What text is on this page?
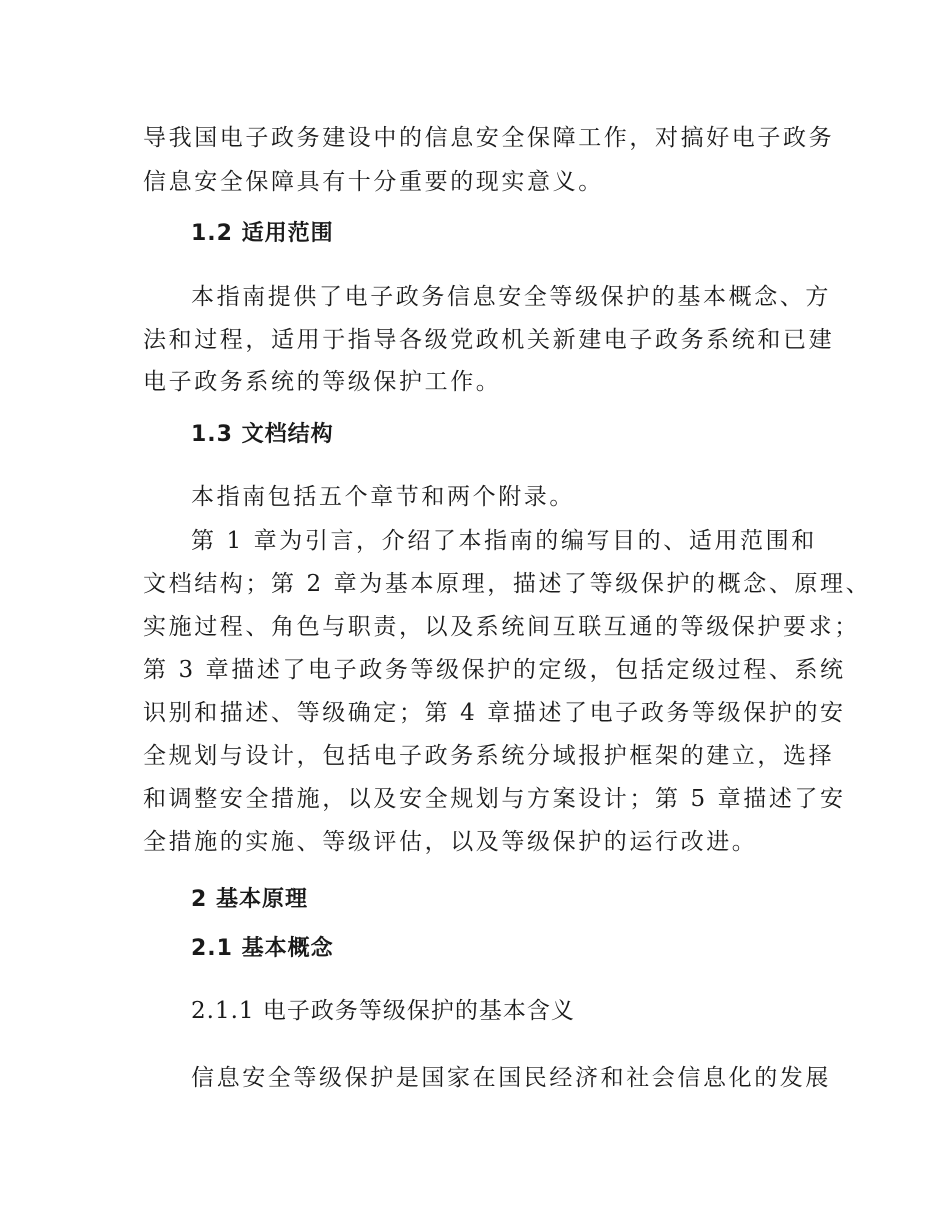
导我国电子政务建设中的信息安全保障工作，对搞好电子政务

信息安全保障具有十分重要的现实意义。

1.2 适用范围

本指南提供了电子政务信息安全等级保护的基本概念、方

法和过程，适用于指导各级党政机关新建电子政务系统和已建

电子政务系统的等级保护工作。

1.3 文档结构

本指南包括五个章节和两个附录。

第 1 章为引言，介绍了本指南的编写目的、适用范围和

文档结构；第 2 章为基本原理，描述了等级保护的概念、原理、

实施过程、角色与职责，以及系统间互联互通的等级保护要求；

第 3 章描述了电子政务等级保护的定级，包括定级过程、系统

识别和描述、等级确定；第 4 章描述了电子政务等级保护的安

全规划与设计，包括电子政务系统分域报护框架的建立，选择

和调整安全措施，以及安全规划与方案设计；第 5 章描述了安

全措施的实施、等级评估，以及等级保护的运行改进。

2 基本原理

2.1 基本概念

2.1.1 电子政务等级保护的基本含义

信息安全等级保护是国家在国民经济和社会信息化的发展
